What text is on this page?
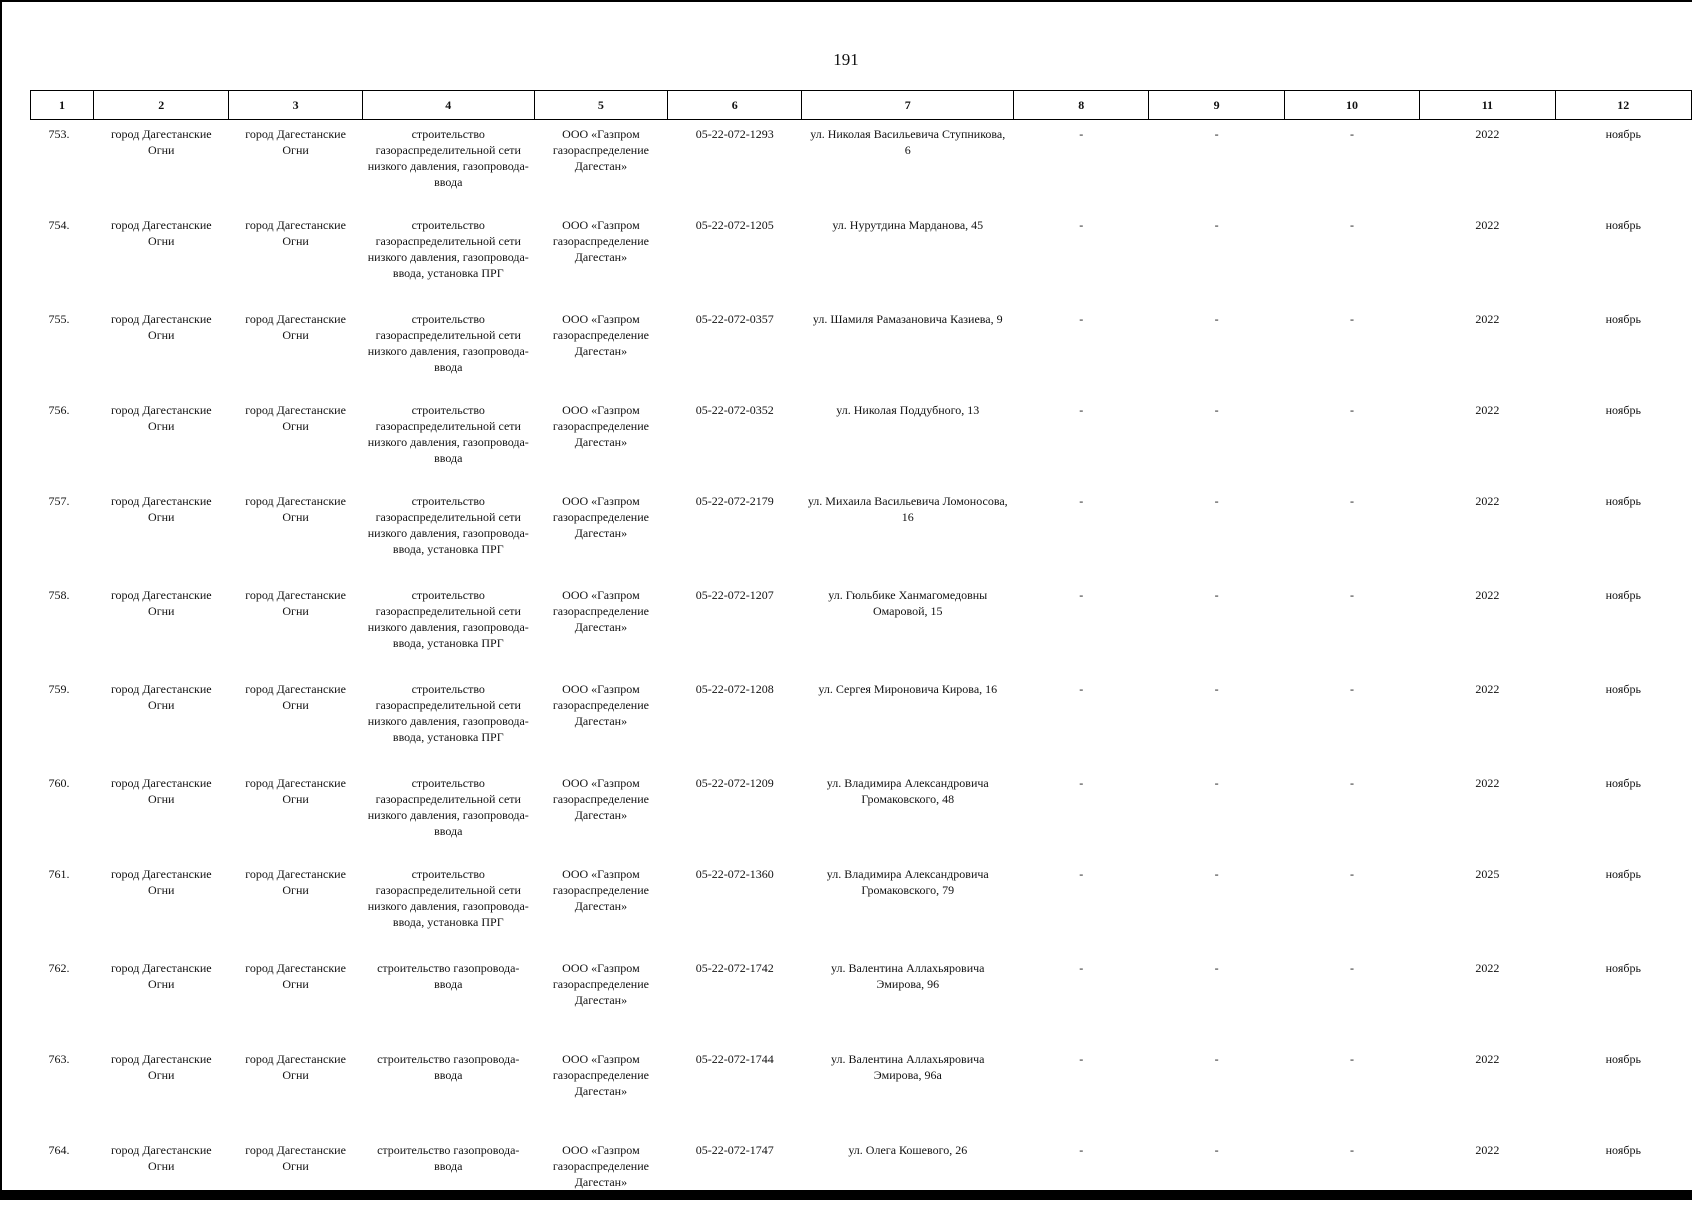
191
1	2	3	4	5	6	7	8	9	10	11	12
753.	город Дагестанские Огни	город Дагестанские Огни	строительство газораспределительной сети низкого давления, газопровода-ввода	ООО «Газпром газораспределение Дагестан»	05-22-072-1293	ул. Николая Васильевича Ступникова, 6	-	-	-	2022	ноябрь
754.	город Дагестанские Огни	город Дагестанские Огни	строительство газораспределительной сети низкого давления, газопровода-ввода, установка ПРГ	ООО «Газпром газораспределение Дагестан»	05-22-072-1205	ул. Нурутдина Марданова, 45	-	-	-	2022	ноябрь
755.	город Дагестанские Огни	город Дагестанские Огни	строительство газораспределительной сети низкого давления, газопровода-ввода	ООО «Газпром газораспределение Дагестан»	05-22-072-0357	ул. Шамиля Рамазановича Казиева, 9	-	-	-	2022	ноябрь
756.	город Дагестанские Огни	город Дагестанские Огни	строительство газораспределительной сети низкого давления, газопровода-ввода	ООО «Газпром газораспределение Дагестан»	05-22-072-0352	ул. Николая Поддубного, 13	-	-	-	2022	ноябрь
757.	город Дагестанские Огни	город Дагестанские Огни	строительство газораспределительной сети низкого давления, газопровода-ввода, установка ПРГ	ООО «Газпром газораспределение Дагестан»	05-22-072-2179	ул. Михаила Васильевича Ломоносова, 16	-	-	-	2022	ноябрь
758.	город Дагестанские Огни	город Дагестанские Огни	строительство газораспределительной сети низкого давления, газопровода-ввода, установка ПРГ	ООО «Газпром газораспределение Дагестан»	05-22-072-1207	ул. Гюльбике Ханмагомедовны Омаровой, 15	-	-	-	2022	ноябрь
759.	город Дагестанские Огни	город Дагестанские Огни	строительство газораспределительной сети низкого давления, газопровода-ввода, установка ПРГ	ООО «Газпром газораспределение Дагестан»	05-22-072-1208	ул. Сергея Мироновича Кирова, 16	-	-	-	2022	ноябрь
760.	город Дагестанские Огни	город Дагестанские Огни	строительство газораспределительной сети низкого давления, газопровода-ввода	ООО «Газпром газораспределение Дагестан»	05-22-072-1209	ул. Владимира Александровича Громаковского, 48	-	-	-	2022	ноябрь
761.	город Дагестанские Огни	город Дагестанские Огни	строительство газораспределительной сети низкого давления, газопровода-ввода, установка ПРГ	ООО «Газпром газораспределение Дагестан»	05-22-072-1360	ул. Владимира Александровича Громаковского, 79	-	-	-	2025	ноябрь
762.	город Дагестанские Огни	город Дагестанские Огни	строительство газопровода-ввода	ООО «Газпром газораспределение Дагестан»	05-22-072-1742	ул. Валентина Аллахьяровича Эмирова, 96	-	-	-	2022	ноябрь
763.	город Дагестанские Огни	город Дагестанские Огни	строительство газопровода-ввода	ООО «Газпром газораспределение Дагестан»	05-22-072-1744	ул. Валентина Аллахьяровича Эмирова, 96а	-	-	-	2022	ноябрь
764.	город Дагестанские Огни	город Дагестанские Огни	строительство газопровода-ввода	ООО «Газпром газораспределение Дагестан»	05-22-072-1747	ул. Олега Кошевого, 26	-	-	-	2022	ноябрь
